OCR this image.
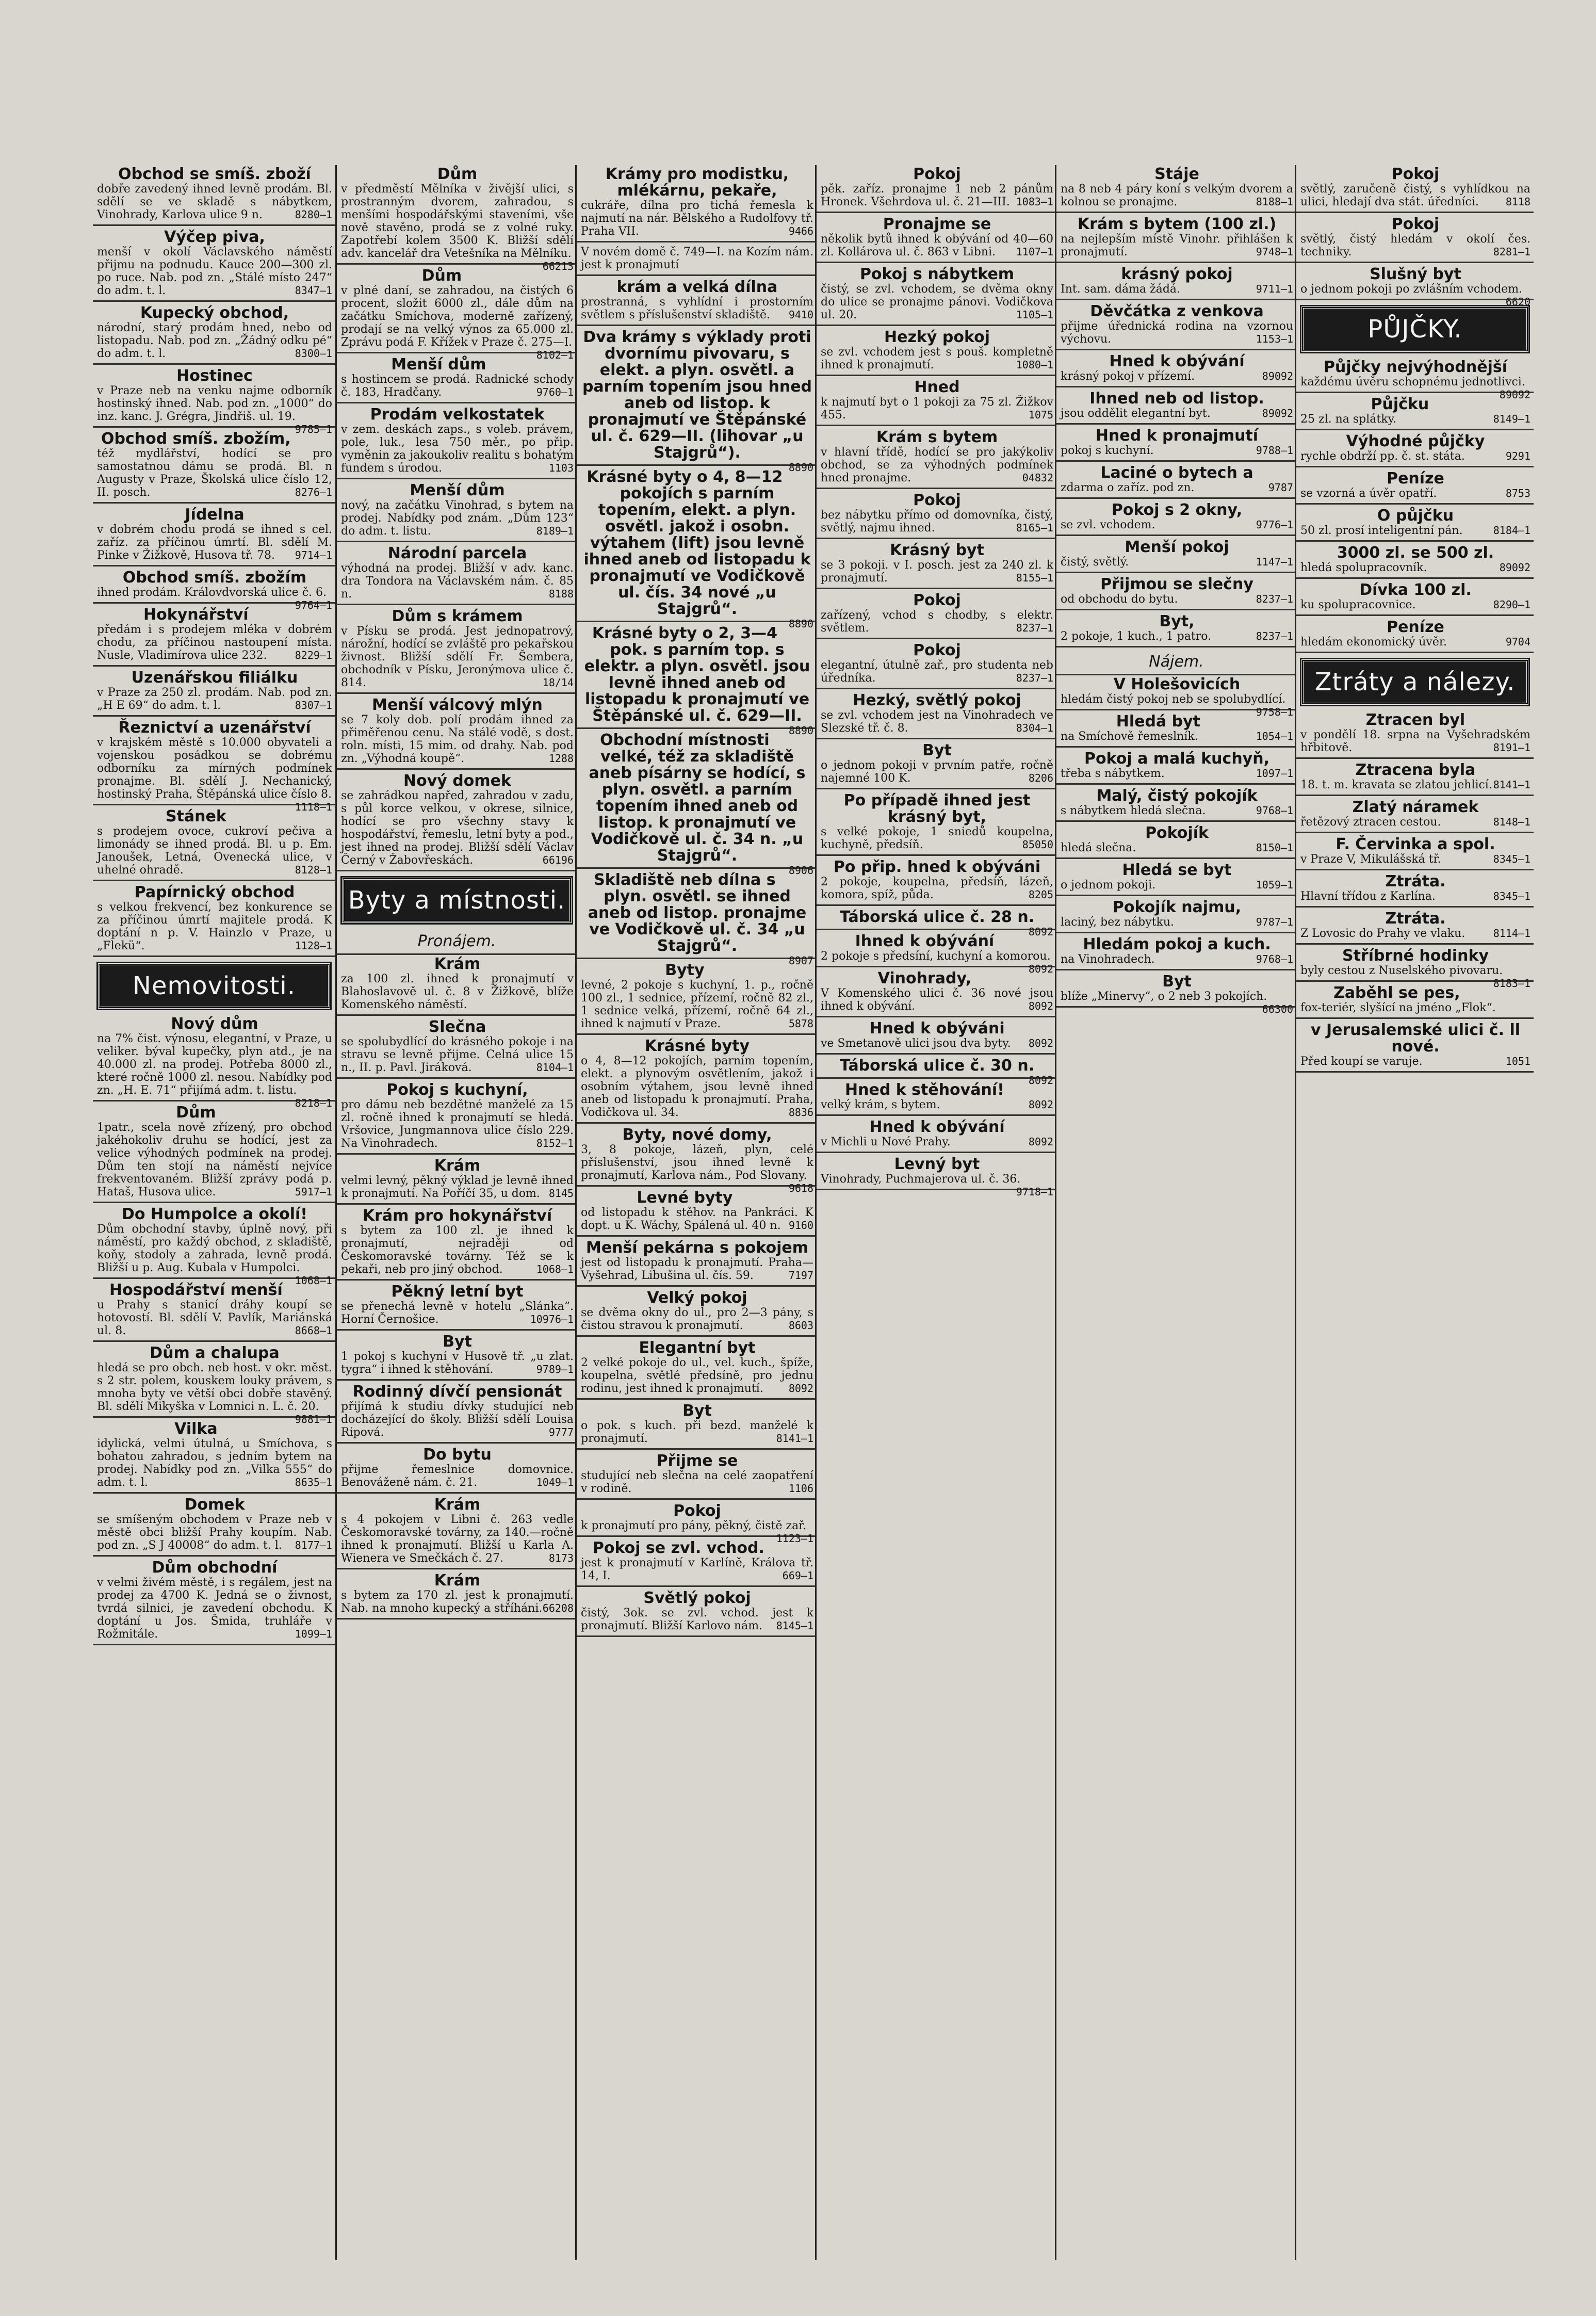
Obchod se smíš. zboží

dobře zavedený ihned levně prodám. Bl. sdělí se ve skladě s nábytkem, Vinohrady, Karlova ulice 9 n.	8280—1

Výčep piva,

menší v okolí Václavského náměstí přijmu na podnudu. Kauce 200—300 zl. po ruce. Nab. pod zn. „Stálé místo 247“ do adm. t. l.	8347—1

Kupecký obchod,

národní, starý prodám hned, nebo od listopadu. Nab. pod zn. „Žádný odku pé“ do adm. t. l.	8300—1

Hostinec

v Praze neb na venku najme odborník hostinský ihned. Nab. pod zn. „1000“ do inz. kanc. J. Grégra, Jindřiš. ul. 19.
9785—1

Obchod smíš. zbožím,

též mydlářství, hodící se pro samostatnou dámu se prodá. Bl. n Augusty v Praze, Školská ulice číslo 12, II. posch.	8276—1

Jídelna

v dobrém chodu prodá se ihned s cel. zaříz. za příčinou úmrtí. Bl. sdělí M. Pinke v Žižkově, Husova tř. 78. 9714—1

Obchod smíš. zbožím

ihned prodám. Královdvorská ulice č. 6.
9764—1

Hokynářství

předám i s prodejem mléka v dobrém chodu, za příčinou nastoupení místa. Nusle, Vladimírova ulice 232.	8229—1

Uzenářskou filiálku

v Praze za 250 zl. prodám. Nab. pod zn. „H E 69“ do adm. t. l.	8307—1

Řeznictví a uzenářství

v krajském městě s 10.000 obyvateli a vojenskou posádkou se dobrému odborníku za mírných podmínek pronajme. Bl. sdělí J. Nechanický, hostinský Praha, Štěpánská ulice číslo 8.
1118—1

Stánek

s prodejem ovoce, cukroví pečiva a limonády se ihned prodá. Bl. u p. Em. Janoušek, Letná, Ovenecká ulice, v uhelné ohradě.	8128—1

Papírnický obchod

s velkou frekvencí, bez konkurence se za příčinou úmrtí majitele prodá. K doptání n p. V. Hainzlo v Praze, u „Flekü“.	1128—1

Nemovitosti.
Nový dům

na 7% čist. výnosu, elegantní, v Praze, u veliker. býval kupečky, plyn atd., je na 40.000 zl. na prodej. Potřeba 8000 zl., které ročně 1000 zl. nesou. Nabídky pod zn. „H. E. 71“ přijímá adm. t. listu.
8218—1

Dům

1patr., scela nově zřízený, pro obchod jakéhokoliv druhu se hodící, jest za velice výhodných podmínek na prodej. Dům ten stojí na náměstí nejvíce frekventovaném. Bližší zprávy podá p. Hataš, Husova ulice.	5917—1

Do Humpolce a okolí!

Dům obchodní stavby, úplně nový, při náměstí, pro každý obchod, z skladiště, koňy, stodoly a zahrada, levně prodá. Bližší u p. Aug. Kubala v Humpolci.
1068—1

Hospodářství menší

u Prahy s stanicí dráhy koupí se hotovostí. Bl. sdělí V. Pavlík, Mariánská ul. 8.	8668—1

Dům a chalupa

hledá se pro obch. neb host. v okr. měst. s 2 str. polem, kouskem louky právem, s mnoha byty ve větší obci dobře stavěný. Bl. sdělí Mikyška v Lomnici n. L. č. 20.
9881—1

Vilka

idylická, velmi útulná, u Smíchova, s bohatou zahradou, s jedním bytem na prodej. Nabídky pod zn. „Vilka 555“ do adm. t. l.	8635—1

Domek

se smíšeným obchodem v Praze neb v městě obci bližší Prahy koupím. Nab. pod zn. „S J 40008“ do adm. t. l. 8177—1

Dům obchodní

v velmi živém městě, i s regálem, jest na prodej za 4700 K. Jedná se o živnost, tvrdá silnici, je zavedení obchodu. K doptání u Jos. Šmida, truhláře v Rožmitále.	1099—1

Dům

v předměstí Mělníka v živější ulici, s prostranným dvorem, zahradou, s menšími hospodářskými staveními, vše nově stavěno, prodá se z volné ruky. Zapotřebí kolem 3500 K. Bližší sdělí adv. kancelář dra Vetešníka na Mělníku.
66213

Dům

v plné daní, se zahradou, na čistých 6 procent, složit 6000 zl., dále dům na začátku Smíchova, moderně zařízený, prodají se na velký výnos za 65.000 zl. Zprávu podá F. Křížek v Praze č. 275—I.
8102—1

Menší dům

s hostincem se prodá. Radnické schody č. 183, Hradčany.	9760—1

Prodám velkostatek

v zem. deskách zaps., s voleb. právem, pole, luk., lesa 750 měr., po přip. vyměnin za jakoukoliv realitu s bohatým fundem s úrodou.	1103

Menší dům

nový, na začátku Vinohrad, s bytem na prodej. Nabídky pod znám. „Dům 123“ do adm. t. listu.	8189—1

Národní parcela

výhodná na prodej. Bližší v adv. kanc. dra Tondora na Václavském nám. č. 85 n.	8188

Dům s krámem

v Písku se prodá. Jest jednopatrový, nárožní, hodící se zvláště pro pekařskou živnost. Bližší sdělí Fr. Šembera, obchodník v Písku, Jeronýmova ulice č. 814.	18/14

Menší válcový mlýn

se 7 koly dob. polí prodám ihned za přiměřenou cenu. Na stálé vodě, s dost. roln. místi, 15 mim. od drahy. Nab. pod zn. „Výhodná koupě“.	1288

Nový domek

se zahrádkou napřed, zahradou v zadu, s půl korce velkou, v okrese, silnice, hodící se pro všechny stavy k hospodářství, řemeslu, letní byty a pod., jest ihned na prodej. Bližší sdělí Václav Černý v Žabovřeskách.	66196

Byty a místnosti.
Pronájem.
Krám

za 100 zl. ihned k pronajmutí v Blahoslavově ul. č. 8 v Žižkově, blíže Komenského náměstí.

Slečna

se spolubydlící do krásného pokoje i na stravu se levně přijme. Celná ulice 15 n., II. p. Pavl. Jiráková.	8104—1

Pokoj s kuchyní,

pro dámu neb bezdětné manželé za 15 zl. ročně ihned k pronajmutí se hledá. Vršovice, Jungmannova ulice číslo 229. Na Vinohradech.	8152—1

Krám

velmi levný, pěkný výklad je levně ihned k pronajmutí. Na Poříčí 35, u dom. 8145

Krám pro hokynářství

s bytem za 100 zl. je ihned k pronajmutí, nejraději od Českomoravské továrny. Též se k pekaři, neb pro jiný obchod.	1068—1

Pěkný letní byt

se přenechá levně v hotelu „Slánka“. Horní Černošice.	10976—1

Byt

1 pokoj s kuchyní v Husově tř. „u zlat. tygra“ i ihned k stěhování.	9789—1

Rodinný dívčí pensionát

přijímá k studiu dívky studující neb docházející do školy. Bližší sdělí Louisa Ripová.	9777

Do bytu

přijme řemeslnice domovnice. Benováženě nám. č. 21.	1049—1

Krám

s 4 pokojem v Libni č. 263 vedle Českomoravské továrny, za 140.—ročně ihned k pronajmutí. Bližší u Karla A. Wienera ve Smečkách č. 27.	8173

Krám

s bytem za 170 zl. jest k pronajmutí. Nab. na mnoho kupecký a stříháni. 66208

Krámy pro modistku, mlékárnu, pekaře,

cukráře, dílna pro tichá řemesla k najmutí na nár. Bělského a Rudolfovy tř. Praha VII.	9466

V novém domě č. 749—I. na Kozím nám. jest k pronajmutí

krám a velká dílna

prostranná, s vyhlídní i prostorním světlem s příslušenství skladiště. 9410

Dva krámy s výklady proti dvornímu pivovaru, s elekt. a plyn. osvětl. a parním topením jsou hned aneb od listop. k pronajmutí ve Štěpánské ul. č. 629—II. (lihovar „u Stajgrů“).

8890

Krásné byty o 4, 8—12 pokojích s parním topením, elekt. a plyn. osvětl. jakož i osobn. výtahem (lift) jsou levně ihned aneb od listopadu k pronajmutí ve Vodičkově ul. čís. 34 nové „u Stajgrů“.

8890

Krásné byty o 2, 3—4 pok. s parním top. s elektr. a plyn. osvětl. jsou levně ihned aneb od listopadu k pronajmutí ve Štěpánské ul. č. 629—II.

8890

Obchodní místnosti velké, též za skladiště aneb písárny se hodící, s plyn. osvětl. a parním topením ihned aneb od listop. k pronajmutí ve Vodičkově ul. č. 34 n. „u Stajgrů“.

8906

Skladiště neb dílna s plyn. osvětl. se ihned aneb od listop. pronajme ve Vodičkově ul. č. 34 „u Stajgrů“.

8907

Byty

levné, 2 pokoje s kuchyní, 1. p., ročně 100 zl., 1 sednice, přízemí, ročně 82 zl., 1 sednice velká, přízemí, ročně 64 zl., ihned k najmutí v Praze.	5878

Krásné byty

o 4, 8—12 pokojích, parním topením, elekt. a plynovým osvětlením, jakož i osobním výtahem, jsou levně ihned aneb od listopadu k pronajmutí. Praha, Vodičkova ul. 34.	8836

Byty, nové domy,

3, 8 pokoje, lázeň, plyn, celé příslušenství, jsou ihned levně k pronajmutí, Karlova nám., Pod Slovany.
9618

Levné byty

od listopadu k stěhov. na Pankráci. K dopt. u K. Wáchy, Spálená ul. 40 n. 9160

Menší pekárna s pokojem

jest od listopadu k pronajmutí. Praha—Vyšehrad, Libušina ul. čís. 59.	7197

Velký pokoj

se dvěma okny do ul., pro 2—3 pány, s čistou stravou k pronajmutí.	8603

Elegantní byt

2 velké pokoje do ul., vel. kuch., špíže, koupelna, světlé předsíně, pro jednu rodinu, jest ihned k pronajmutí. 8092

Byt

o pok. s kuch. při bezd. manželé k pronajmutí.	8141—1

Přijme se

studující neb slečna na celé zaopatření v rodině.	1106

Pokoj

k pronajmutí pro pány, pěkný, čistě zař.
1123—1

Pokoj se zvl. vchod.

jest k pronajmutí v Karlíně, Králova tř. 14, I.	669—1

Světlý pokoj

čistý, 3ok. se zvl. vchod. jest k pronajmutí. Bližší Karlovo nám. 8145—1

Pokoj

pěk. zaříz. pronajme 1 neb 2 pánům Hronek. Všehrdova ul. č. 21—III. 1083—1

Pronajme se

několik bytů ihned k obývání od 40—60 zl. Kollárova ul. č. 863 v Libni. 1107—1

Pokoj s nábytkem

čistý, se zvl. vchodem, se dvěma okny do ulice se pronajme pánovi. Vodičkova ul. 20.	1105—1

Hezký pokoj

se zvl. vchodem jest s pouš. kompletně ihned k pronajmutí.	1080—1

Hned

k najmutí byt o 1 pokoji za 75 zl. Žižkov 455.	1075

Krám s bytem

v hlavní třídě, hodící se pro jakýkoliv obchod, se za výhodných podmínek hned pronajme.	04832

Pokoj

bez nábytku přímo od domovníka, čistý, světlý, najmu ihned.	8165—1

Krásný byt

se 3 pokoji. v I. posch. jest za 240 zl. k pronajmutí.	8155—1

Pokoj

zařízený, vchod s chodby, s elektr. světlem.	8237—1

Pokoj

elegantní, útulně zař., pro studenta neb úředníka.	8237—1

Hezký, světlý pokoj

se zvl. vchodem jest na Vinohradech ve Slezské tř. č. 8.	8304—1

Byt

o jednom pokoji v prvním patře, ročně najemné 100 K.	8206

Po případě ihned jest krásný byt,

s velké pokoje, 1 sniedů koupelna, kuchyně, předsíň.	85050

Po přip. hned k obýváni

2 pokoje, koupelna, předsíň, lázeň, komora, spíž, půda.	8205

Táborská ulice č. 28 n.

8092

Ihned k obývání

2 pokoje s předsíní, kuchyní a komorou.
8092

Vinohrady,

V Komenského ulici č. 36 nové jsou ihned k obývání.	8092

Hned k obýváni

ve Smetanově ulici jsou dva byty. 8092

Táborská ulice č. 30 n.

8092

Hned k stěhování!

velký krám, s bytem.	8092

Hned k obývání

v Michli u Nové Prahy.	8092

Levný byt

Vinohrady, Puchmajerova ul. č. 36.
9718—1

Stáje

na 8 neb 4 páry koní s velkým dvorem a kolnou se pronajme.	8188—1

Krám s bytem (100 zl.)

na nejlepším místě Vinohr. přihlášen k pronajmutí.	9748—1

krásný pokoj

Int. sam. dáma žádá.	9711—1

Děvčátka z venkova

přijme úřednická rodina na vzornou výchovu.	1153—1

Hned k obývání

krásný pokoj v přízemí.	89092

Ihned neb od listop.

jsou oddělit elegantní byt.	89092

Hned k pronajmutí

pokoj s kuchyní.	9788—1

Laciné o bytech a

zdarma o zaříz. pod zn.	9787

Pokoj s 2 okny,

se zvl. vchodem.	9776—1

Menší pokoj

čistý, světlý.	1147—1

Přijmou se slečny

od obchodu do bytu.	8237—1

Byt,

2 pokoje, 1 kuch., 1 patro.	8237—1

Nájem.
V Holešovicích

hledám čistý pokoj neb se spolubydlící.
9758—1

Hledá byt

na Smíchově řemeslník.	1054—1

Pokoj a malá kuchyň,

třeba s nábytkem.	1097—1

Malý, čistý pokojík

s nábytkem hledá slečna.	9768—1

Pokojík

hledá slečna.	8150—1

Hledá se byt

o jednom pokoji.	1059—1

Pokojík najmu,

laciný, bez nábytku.	9787—1

Hledám pokoj a kuch.

na Vinohradech.	9768—1

Byt

blíže „Minervy“, o 2 neb 3 pokojích.
66300

Pokoj

světlý, zaručeně čistý, s vyhlídkou na ulici, hledají dva stát. úředníci.	8118

Pokoj

světlý, čistý hledám v okolí čes. techniky.	8281—1

Slušný byt

o jednom pokoji po zvlášním vchodem.
6620

PŮJČKY.
Půjčky nejvýhodnější

každému úvěru schopnému jednotlivci.
89092

Půjčku

25 zl. na splátky.	8149—1

Výhodné půjčky

rychle obdrží pp. č. st. státa.	9291

Peníze

se vzorná a úvěr opatří.	8753

O půjčku

50 zl. prosí inteligentní pán.	8184—1

3000 zl. se 500 zl.

hledá spolupracovník.	89092

Dívka 100 zl.

ku spolupracovnice.	8290—1

Peníze

hledám ekonomický úvěr.	9704

Ztráty a nálezy.
Ztracen byl

v pondělí 18. srpna na Vyšehradském hřbitově.	8191—1

Ztracena byla

18. t. m. kravata se zlatou jehlicí. 8141—1

Zlatý náramek

řetězový ztracen cestou.	8148—1

F. Červinka a spol.

v Praze V, Mikulášská tř.	8345—1

Ztráta.

Hlavní třídou z Karlína.	8345—1

Ztráta.

Z Lovosic do Prahy ve vlaku.	8114—1

Stříbrné hodinky

byly cestou z Nuselského pivovaru.
8183—1

Zaběhl se pes,

fox-teriér, slyšící na jméno „Flok“.

v Jerusalemské ulici č. ll nové.

Před koupí se varuje.	1051
